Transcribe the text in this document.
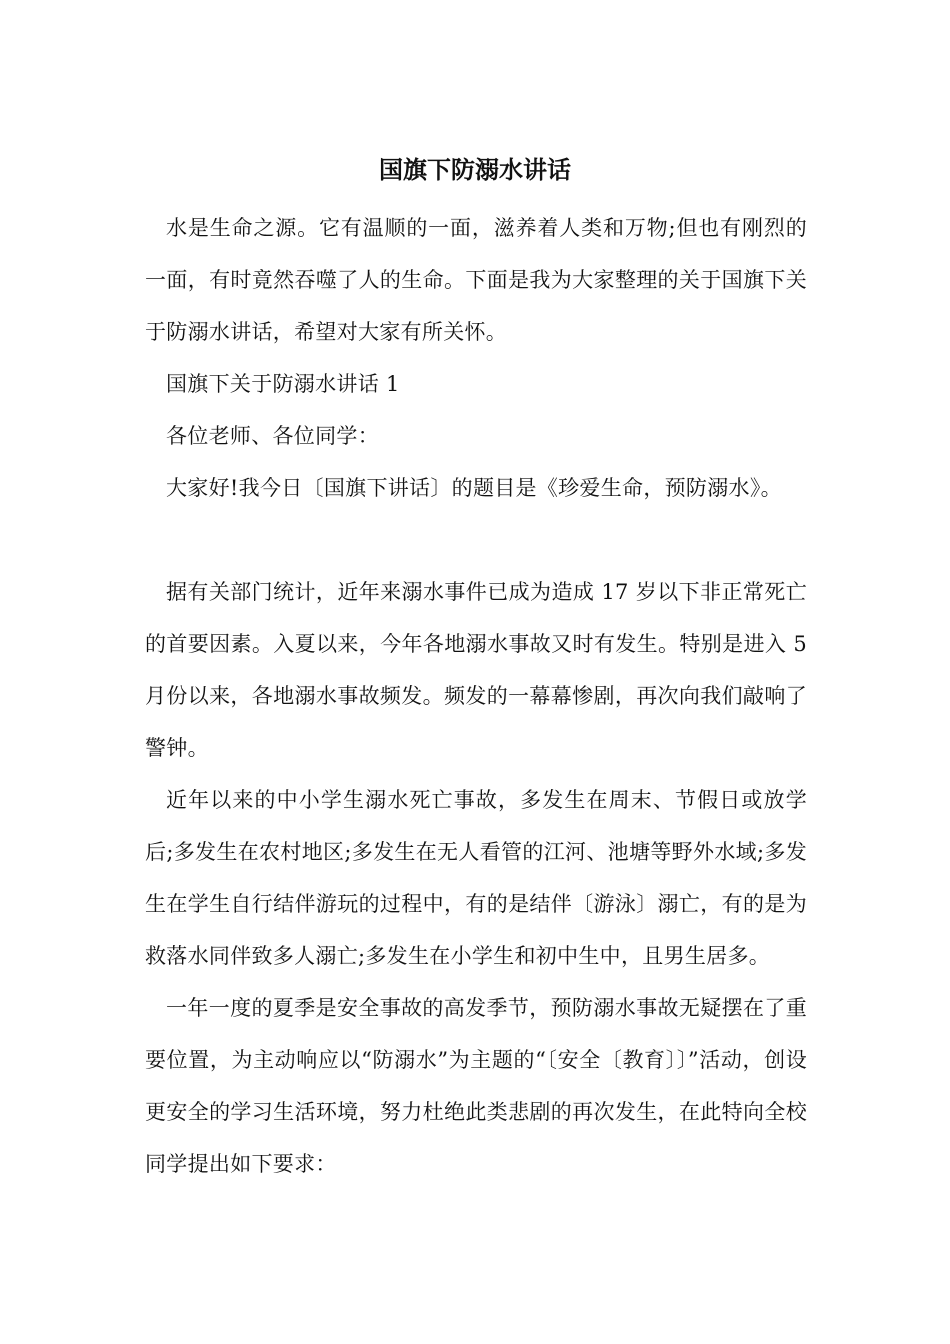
国旗下防溺水讲话

水是生命之源。它有温顺的一面，滋养着人类和万物;但也有刚烈的一面，有时竟然吞噬了人的生命。下面是我为大家整理的关于国旗下关于防溺水讲话，希望对大家有所关怀。

国旗下关于防溺水讲话 1

各位老师、各位同学：

大家好!我今日〔国旗下讲话〕的题目是《珍爱生命，预防溺水》。

据有关部门统计，近年来溺水事件已成为造成 17 岁以下非正常死亡的首要因素。入夏以来，今年各地溺水事故又时有发生。特别是进入 5 月份以来，各地溺水事故频发。频发的一幕幕惨剧，再次向我们敲响了警钟。

近年以来的中小学生溺水死亡事故，多发生在周末、节假日或放学后;多发生在农村地区;多发生在无人看管的江河、池塘等野外水域;多发生在学生自行结伴游玩的过程中，有的是结伴〔游泳〕溺亡，有的是为救落水同伴致多人溺亡;多发生在小学生和初中生中，且男生居多。

一年一度的夏季是安全事故的高发季节，预防溺水事故无疑摆在了重要位置，为主动响应以“防溺水”为主题的“〔安全〔教育〕〕”活动，创设更安全的学习生活环境，努力杜绝此类悲剧的再次发生，在此特向全校同学提出如下要求：
